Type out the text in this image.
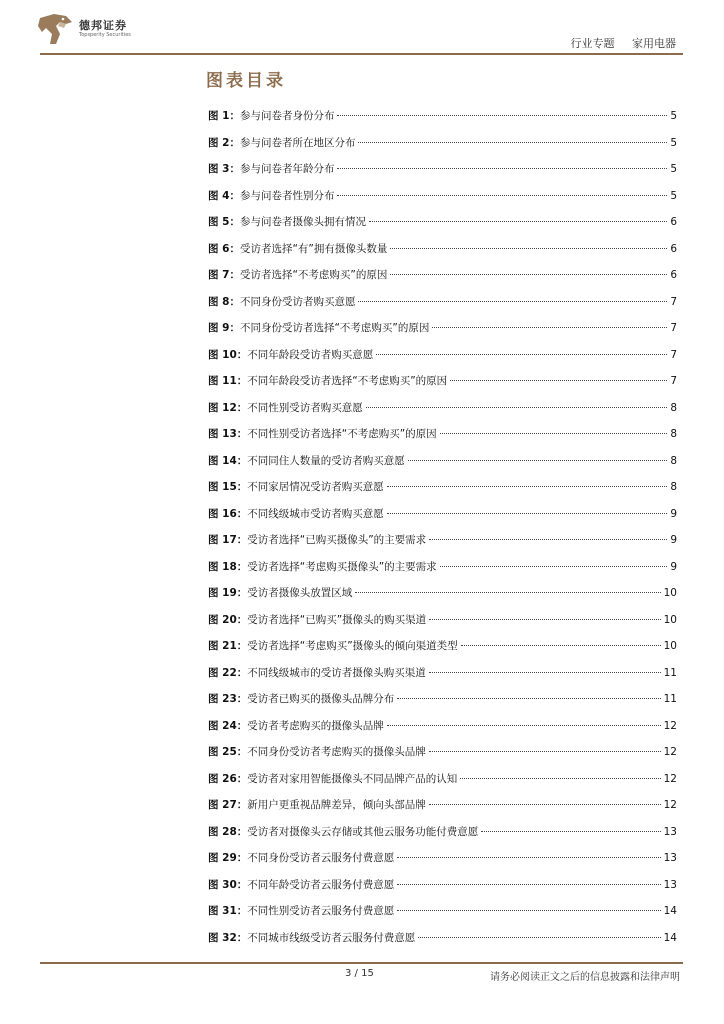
德邦证券
Topsperity Securities
行业专题 家用电器
图表目录
图 1： 参与问卷者身份分布	5
图 2： 参与问卷者所在地区分布	5
图 3： 参与问卷者年龄分布	5
图 4： 参与问卷者性别分布	5
图 5： 参与问卷者摄像头拥有情况	6
图 6： 受访者选择“有”拥有摄像头数量	6
图 7： 受访者选择“不考虑购买”的原因	6
图 8： 不同身份受访者购买意愿	7
图 9： 不同身份受访者选择“不考虑购买”的原因	7
图 10： 不同年龄段受访者购买意愿	7
图 11： 不同年龄段受访者选择“不考虑购买”的原因	7
图 12： 不同性别受访者购买意愿	8
图 13： 不同性别受访者选择“不考虑购买”的原因	8
图 14： 不同同住人数量的受访者购买意愿	8
图 15： 不同家居情况受访者购买意愿	8
图 16： 不同线级城市受访者购买意愿	9
图 17： 受访者选择“已购买摄像头”的主要需求	9
图 18： 受访者选择“考虑购买摄像头”的主要需求	9
图 19： 受访者摄像头放置区域	10
图 20： 受访者选择“已购买”摄像头的购买渠道	10
图 21： 受访者选择“考虑购买”摄像头的倾向渠道类型	10
图 22： 不同线级城市的受访者摄像头购买渠道	11
图 23： 受访者已购买的摄像头品牌分布	11
图 24： 受访者考虑购买的摄像头品牌	12
图 25： 不同身份受访者考虑购买的摄像头品牌	12
图 26： 受访者对家用智能摄像头不同品牌产品的认知	12
图 27： 新用户更重视品牌差异，倾向头部品牌	12
图 28： 受访者对摄像头云存储或其他云服务功能付费意愿	13
图 29： 不同身份受访者云服务付费意愿	13
图 30： 不同年龄受访者云服务付费意愿	13
图 31： 不同性别受访者云服务付费意愿	14
图 32： 不同城市线级受访者云服务付费意愿	14
3 / 15	请务必阅读正文之后的信息披露和法律声明
